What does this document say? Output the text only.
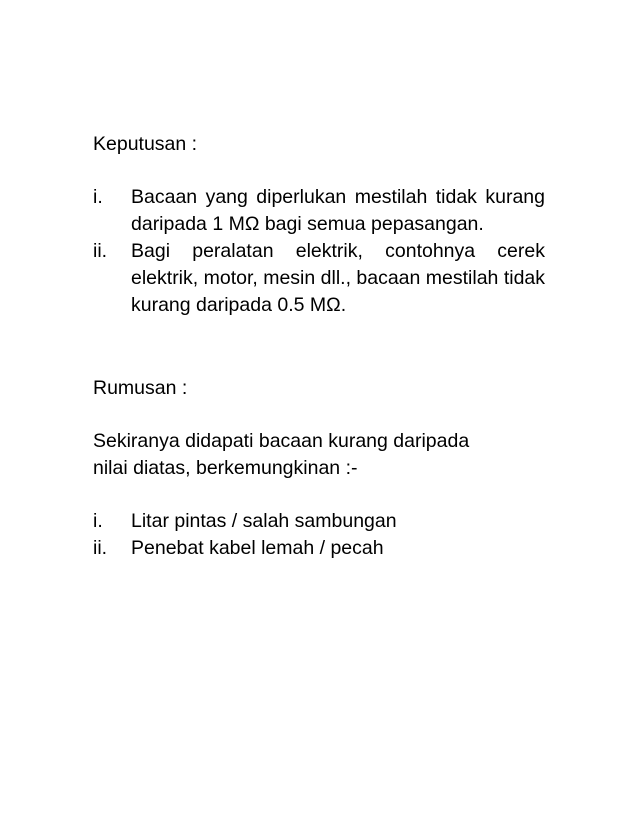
Keputusan :

i.	Bacaan yang diperlukan mestilah tidak kurang daripada 1 MΩ bagi semua pepasangan.
ii.	Bagi peralatan elektrik, contohnya cerek elektrik, motor, mesin dll., bacaan mestilah tidak kurang daripada 0.5 MΩ.

Rumusan :

Sekiranya didapati bacaan kurang daripada
nilai diatas, berkemungkinan :-
i.	Litar pintas / salah sambungan
ii.	Penebat kabel lemah / pecah
